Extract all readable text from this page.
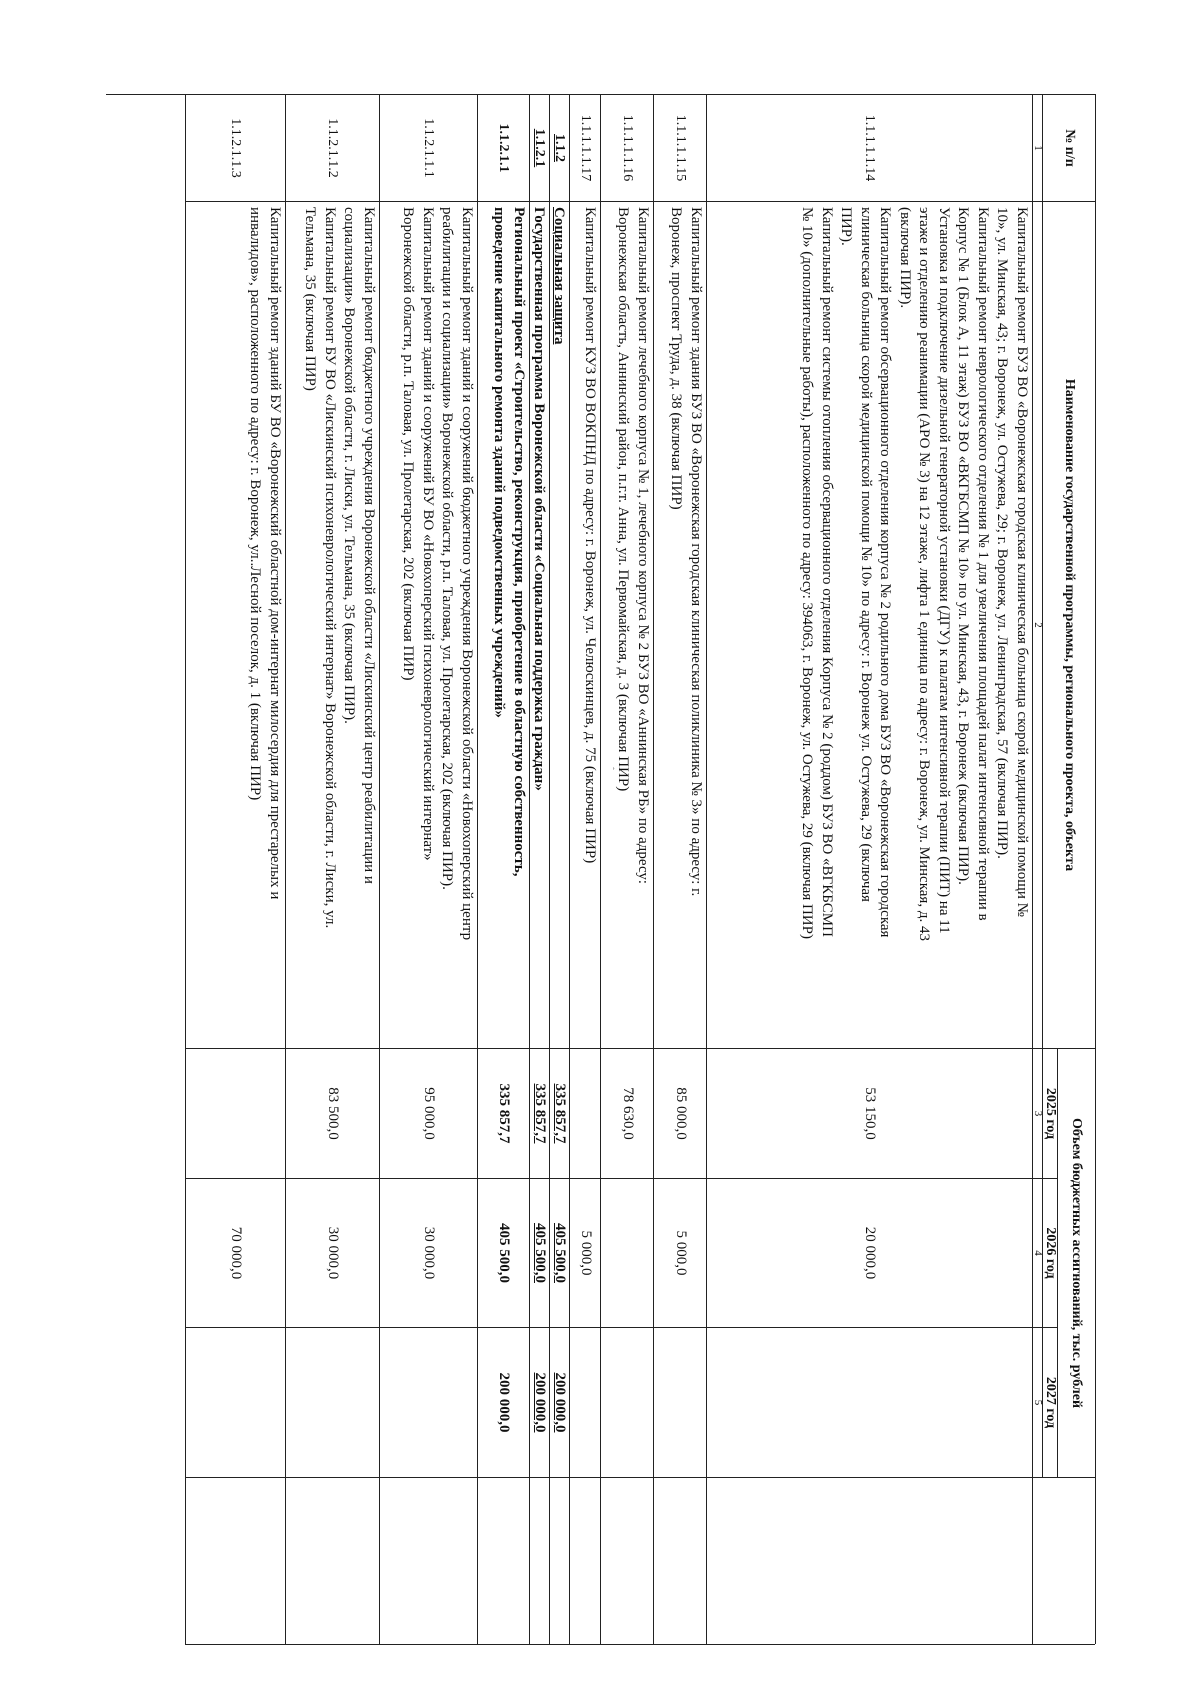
№ п/п
Наименование государственной программы, регионального проекта, объекта
Объем бюджетных ассигнований, тыс. рублей
2025 год
2026 год
2027 год
1
2
3
4
5
1.1.1.1.1.14
Капитальный ремонт БУЗ ВО «Воронежская городская клиническая больница скорой медицинской помощи №
10», ул. Минская, 43; г. Воронеж, ул. Остужева, 29; г. Воронеж, ул. Ленинградская, 57 (включая ПИР).
Капитальный ремонт неврологического отделения № 1 для увеличения площадей палат интенсивной терапии в
Корпус № 1 (Блок А, 11 этаж) БУЗ ВО «ВКГБСМП № 10» по ул. Минская, 43, г. Воронеж (включая ПИР).
Установка и подключение дизельной генераторной установки (ДГУ) к палатам интенсивной терапии (ПИТ) на 11
этаже и отделению реанимации (АРО № 3) на 12 этаже, лифта 1 единица по адресу: г. Воронеж, ул. Минская, д. 43
(включая ПИР).
Капитальный ремонт обсервационного отделения корпуса № 2 родильного дома БУЗ ВО «Воронежская городская
клиническая больница скорой медицинской помощи № 10» по адресу: г. Воронеж ул. Остужева, 29 (включая
ПИР).
Капитальный ремонт системы отопления обсервационного отделения Корпуса № 2 (роддом) БУЗ ВО «ВГКБСМП
№ 10» (дополнительные работы), расположенного по адресу: 394063, г. Воронеж, ул. Остужева, 29 (включая ПИР)
53 150,0
20 000,0
1.1.1.1.1.15
Капитальный ремонт здания БУЗ ВО «Воронежская городская клиническая поликлиника № 3» по адресу: г.
Воронеж, проспект Труда, д. 38 (включая ПИР)
85 000,0
5 000,0
1.1.1.1.1.16
Капитальный ремонт лечебного корпуса № 1, лечебного корпуса № 2 БУЗ ВО «Аннинская РБ» по адресу:
Воронежская область, Аннинский район, п.г.т. Анна, ул. Первомайская, д. 3 (включая ПИР)
78 630,0
1.1.1.1.1.17
Капитальный ремонт КУЗ ВО ВОКПНД по адресу: г. Воронеж, ул. Челюскинцев, д. 75 (включая ПИР)
5 000,0
1.1.2
Социальная защита
335 857,7
405 500,0
200 000,0
1.1.2.1
Государственная программа Воронежской области «Социальная поддержка граждан»
335 857,7
405 500,0
200 000,0
1.1.2.1.1
Региональный проект «Строительство, реконструкция, приобретение в областную собственность,
проведение капитального ремонта зданий подведомственных учреждений»
335 857,7
405 500,0
200 000,0
1.1.2.1.1.1
Капитальный ремонт зданий и сооружений бюджетного учреждения Воронежской области «Новохоперский центр
реабилитации и социализации» Воронежской области, р.п. Таловая, ул. Пролетарская, 202 (включая ПИР).
Капитальный ремонт зданий и сооружений БУ ВО «Новохоперский психоневрологический интернат»
Воронежской области, р.п. Таловая, ул. Пролетарская, 202 (включая ПИР)
95 000,0
30 000,0
1.1.2.1.1.2
Капитальный ремонт бюджетного учреждения Воронежской области «Лискинский центр реабилитации и
социализации» Воронежской области, г. Лиски, ул. Тельмана, 35 (включая ПИР).
Капитальный ремонт БУ ВО «Лискинский психоневрологический интернат» Воронежской области, г. Лиски, ул.
Тельмана, 35 (включая ПИР)
83 500,0
30 000,0
1.1.2.1.1.3
Капитальный ремонт зданий БУ ВО «Воронежский областной дом-интернат милосердия для престарелых и
инвалидов», расположенного по адресу: г. Воронеж, ул..Лесной поселок, д. 1 (включая ПИР)
70 000,0
˒
